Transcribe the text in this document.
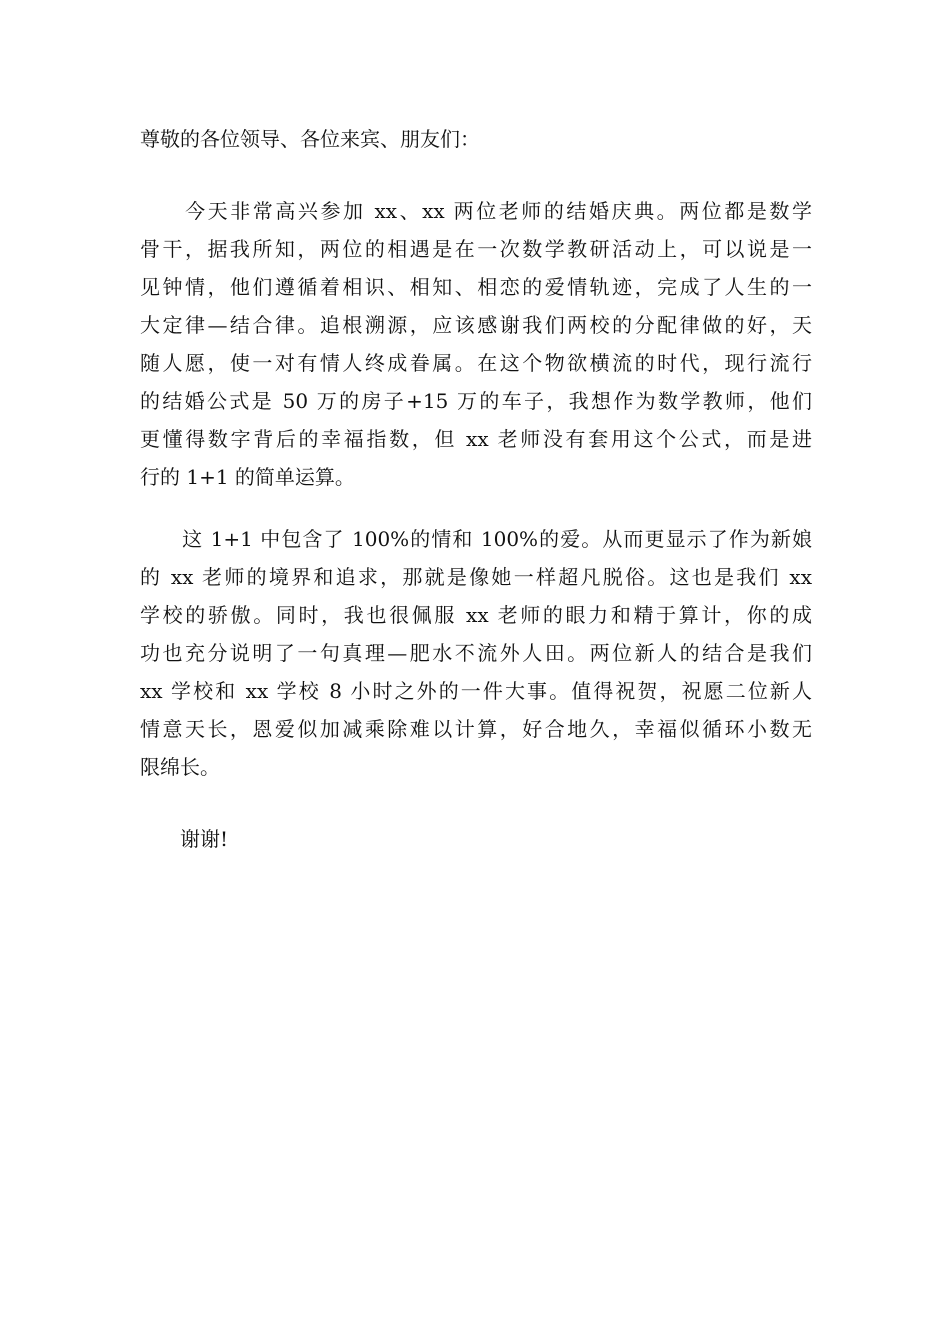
尊敬的各位领导、各位来宾、朋友们：
　　今天非常高兴参加 xx、xx 两位老师的结婚庆典。两位都是数学
骨干，据我所知，两位的相遇是在一次数学教研活动上，可以说是一
见钟情，他们遵循着相识、相知、相恋的爱情轨迹，完成了人生的一
大定律—结合律。追根溯源，应该感谢我们两校的分配律做的好，天
随人愿，使一对有情人终成眷属。在这个物欲横流的时代，现行流行
的结婚公式是 50 万的房子+15 万的车子，我想作为数学教师，他们
更懂得数字背后的幸福指数，但 xx 老师没有套用这个公式，而是进
行的 1+1 的简单运算。
　　这 1+1 中包含了 100%的情和 100%的爱。从而更显示了作为新娘
的 xx 老师的境界和追求，那就是像她一样超凡脱俗。这也是我们 xx
学校的骄傲。同时，我也很佩服 xx 老师的眼力和精于算计，你的成
功也充分说明了一句真理—肥水不流外人田。两位新人的结合是我们
xx 学校和 xx 学校 8 小时之外的一件大事。值得祝贺，祝愿二位新人
情意天长，恩爱似加减乘除难以计算，好合地久，幸福似循环小数无
限绵长。
　　谢谢!
